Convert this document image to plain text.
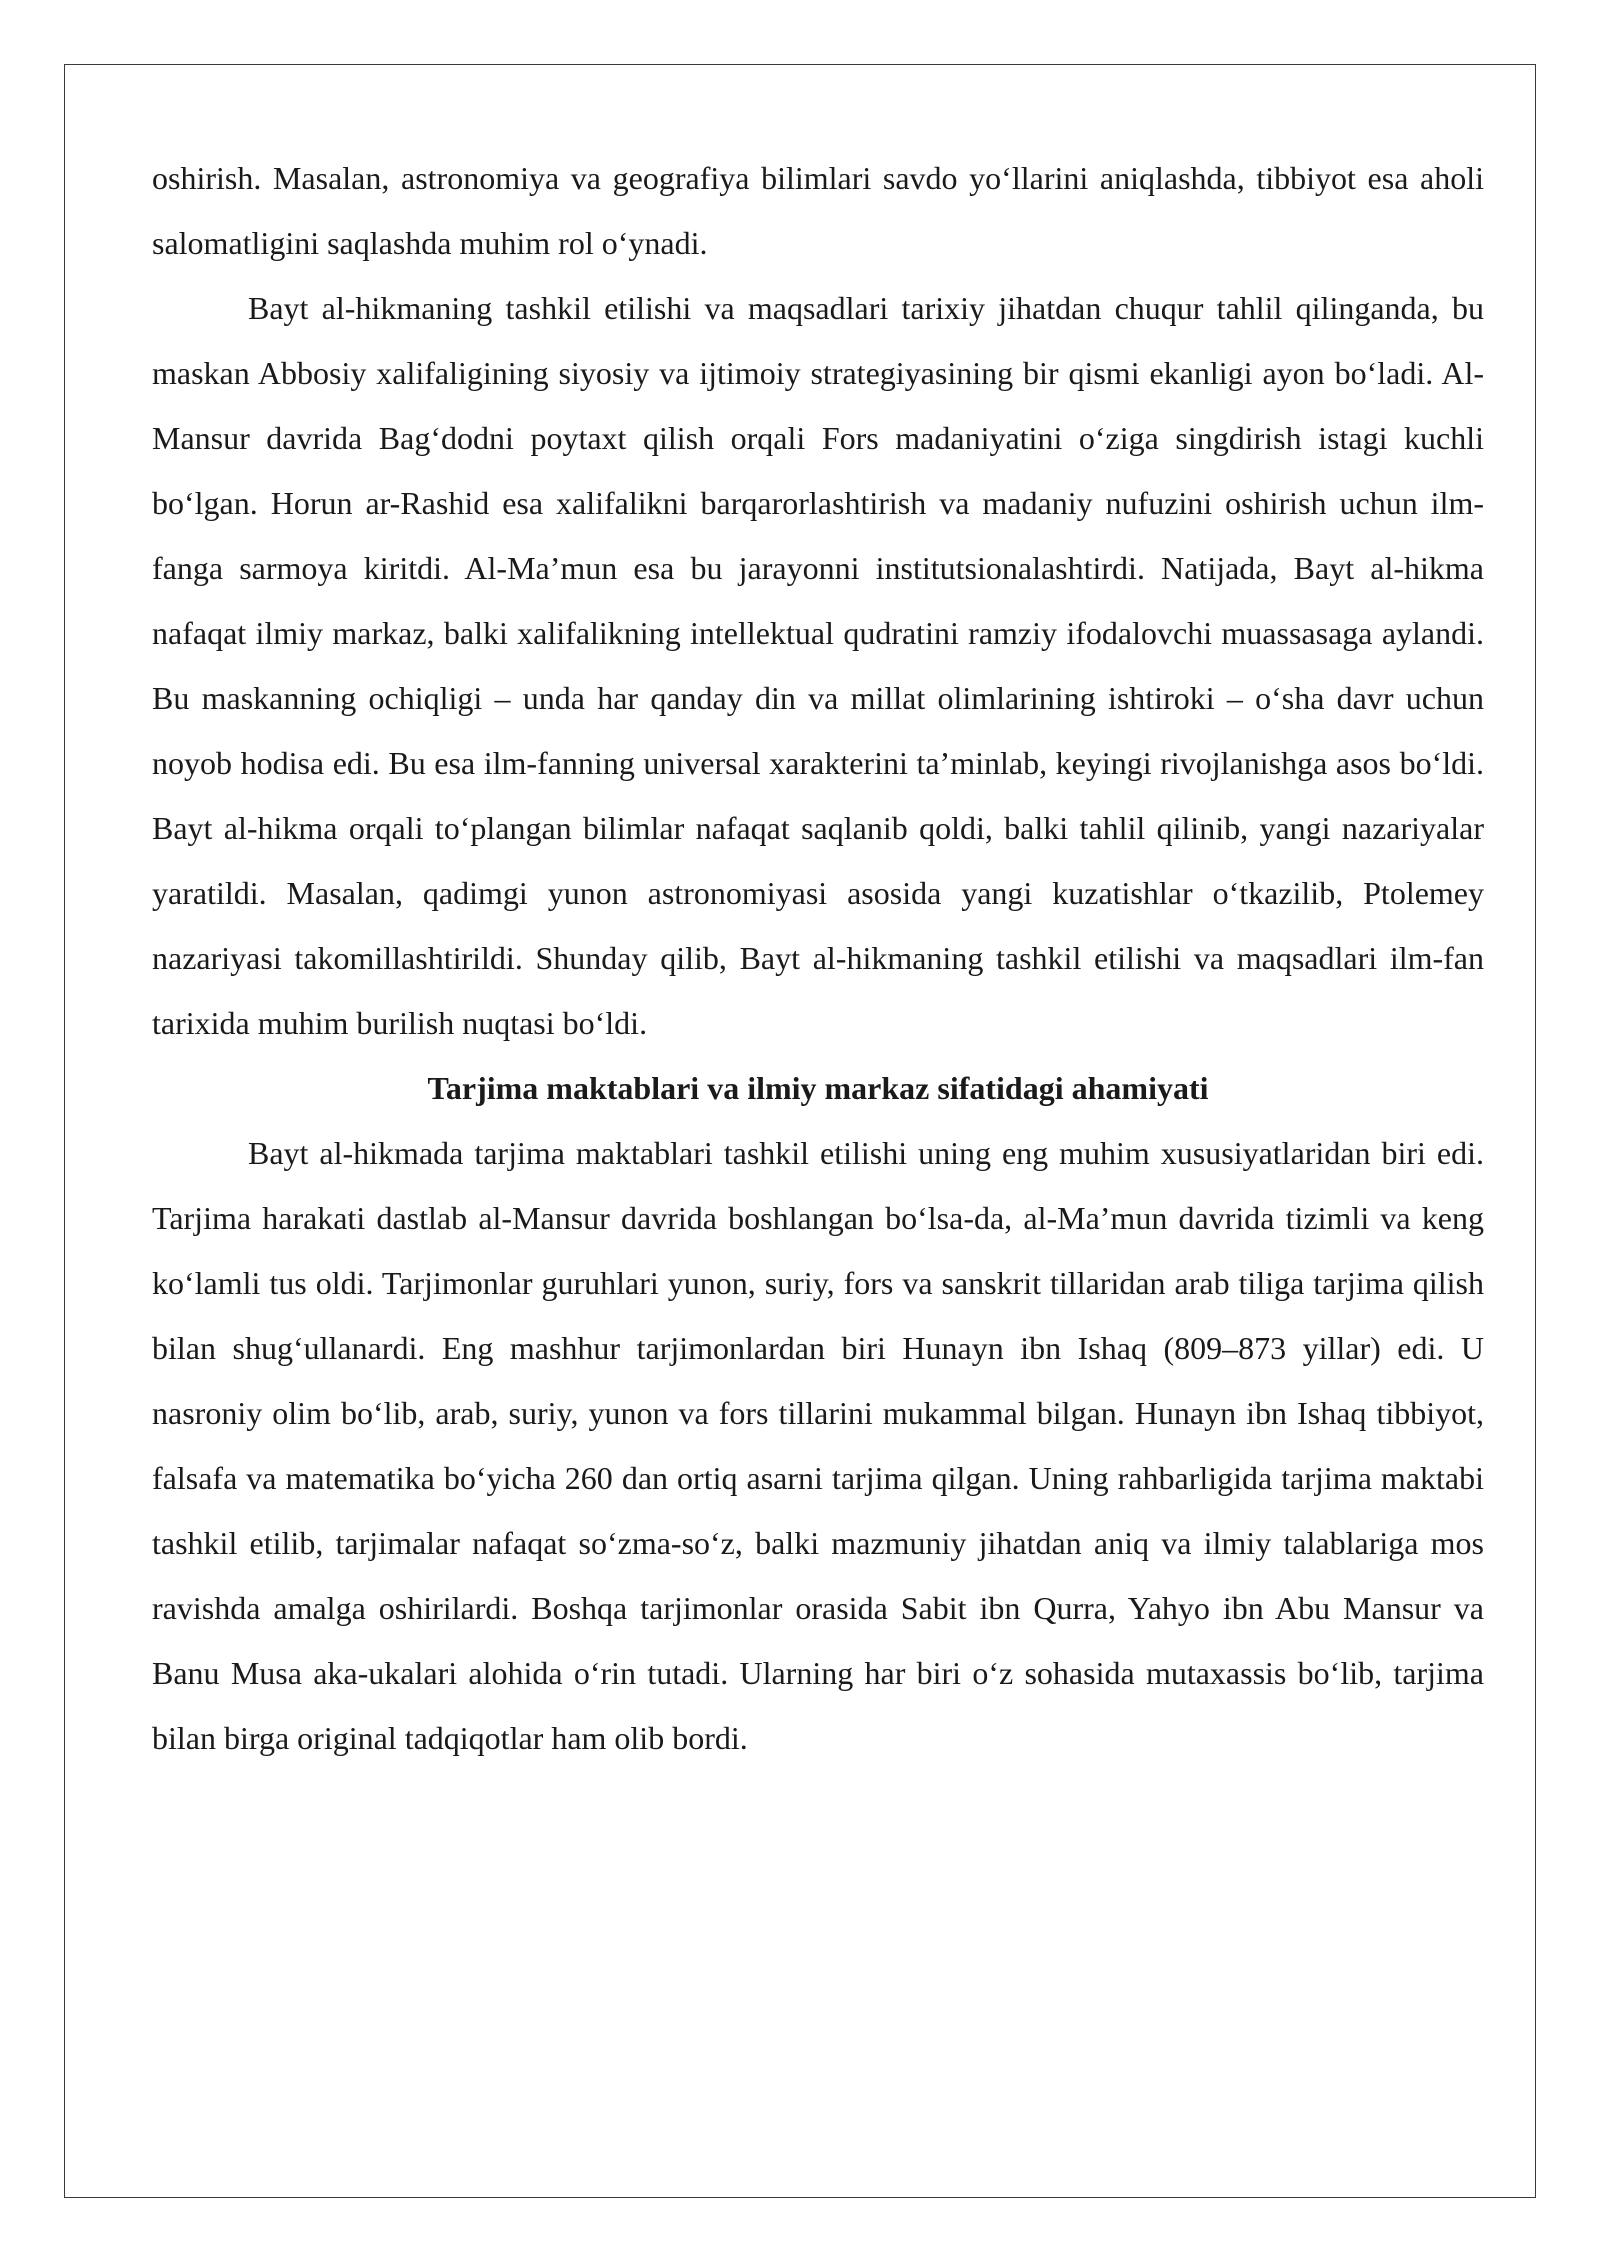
oshirish. Masalan, astronomiya va geografiya bilimlari savdo yo‘llarini aniqlashda, tibbiyot esa aholi salomatligini saqlashda muhim rol o‘ynadi.

Bayt al-hikmaning tashkil etilishi va maqsadlari tarixiy jihatdan chuqur tahlil qilinganda, bu maskan Abbosiy xalifaligining siyosiy va ijtimoiy strategiyasining bir qismi ekanligi ayon bo‘ladi. Al-Mansur davrida Bag‘dodni poytaxt qilish orqali Fors madaniyatini o‘ziga singdirish istagi kuchli bo‘lgan. Horun ar-Rashid esa xalifalikni barqarorlashtirish va madaniy nufuzini oshirish uchun ilm-fanga sarmoya kiritdi. Al-Ma’mun esa bu jarayonni institutsionalashtirdi. Natijada, Bayt al-hikma nafaqat ilmiy markaz, balki xalifalikning intellektual qudratini ramziy ifodalovchi muassasaga aylandi. Bu maskanning ochiqligi – unda har qanday din va millat olimlarining ishtiroki – o‘sha davr uchun noyob hodisa edi. Bu esa ilm-fanning universal xarakterini ta’minlab, keyingi rivojlanishga asos bo‘ldi. Bayt al-hikma orqali to‘plangan bilimlar nafaqat saqlanib qoldi, balki tahlil qilinib, yangi nazariyalar yaratildi. Masalan, qadimgi yunon astronomiyasi asosida yangi kuzatishlar o‘tkazilib, Ptolemey nazariyasi takomillashtirildi. Shunday qilib, Bayt al-hikmaning tashkil etilishi va maqsadlari ilm-fan tarixida muhim burilish nuqtasi bo‘ldi.

Tarjima maktablari va ilmiy markaz sifatidagi ahamiyati

Bayt al-hikmada tarjima maktablari tashkil etilishi uning eng muhim xususiyatlaridan biri edi. Tarjima harakati dastlab al-Mansur davrida boshlangan bo‘lsa-da, al-Ma’mun davrida tizimli va keng ko‘lamli tus oldi. Tarjimonlar guruhlari yunon, suriy, fors va sanskrit tillaridan arab tiliga tarjima qilish bilan shug‘ullanardi. Eng mashhur tarjimonlardan biri Hunayn ibn Ishaq (809–873 yillar) edi. U nasroniy olim bo‘lib, arab, suriy, yunon va fors tillarini mukammal bilgan. Hunayn ibn Ishaq tibbiyot, falsafa va matematika bo‘yicha 260 dan ortiq asarni tarjima qilgan. Uning rahbarligida tarjima maktabi tashkil etilib, tarjimalar nafaqat so‘zma-so‘z, balki mazmuniy jihatdan aniq va ilmiy talablariga mos ravishda amalga oshirilardi. Boshqa tarjimonlar orasida Sabit ibn Qurra, Yahyo ibn Abu Mansur va Banu Musa aka-ukalari alohida o‘rin tutadi. Ularning har biri o‘z sohasida mutaxassis bo‘lib, tarjima bilan birga original tadqiqotlar ham olib bordi.
